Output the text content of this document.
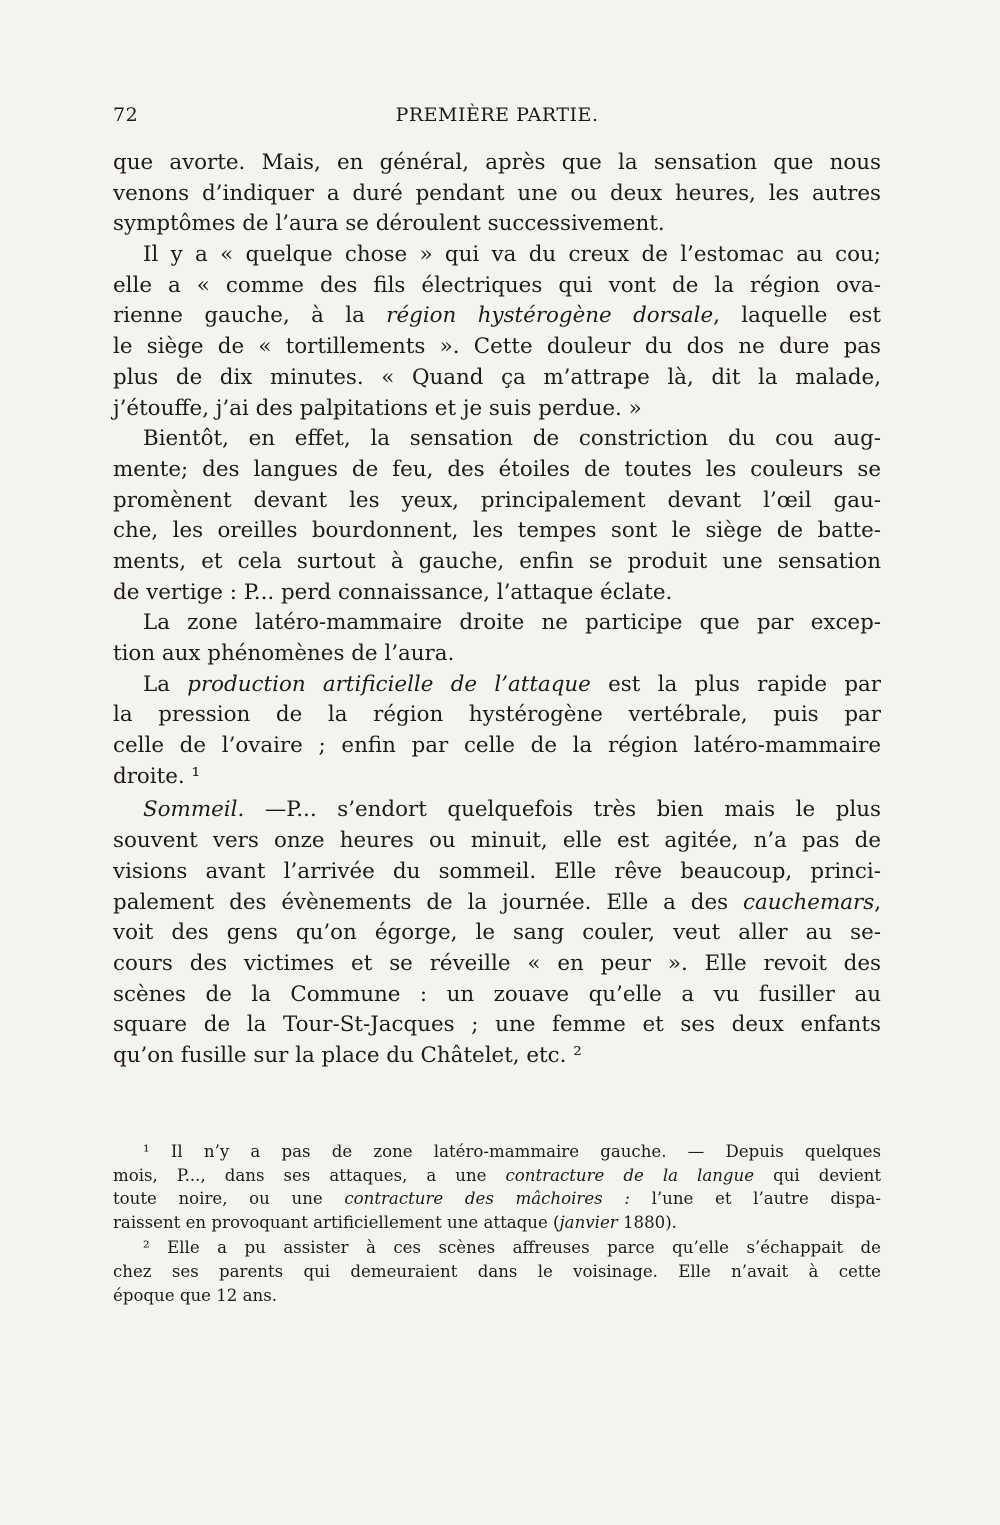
72	PREMIÈRE PARTIE.
que avorte. Mais, en général, après que la sensation que nous
venons d’indiquer a duré pendant une ou deux heures, les autres
symptômes de l’aura se déroulent successivement.
Il y a « quelque chose » qui va du creux de l’estomac au cou;
elle a « comme des fils électriques qui vont de la région ova-
rienne gauche, à la région hystérogène dorsale, laquelle est
le siège de « tortillements ». Cette douleur du dos ne dure pas
plus de dix minutes. « Quand ça m’attrape là, dit la malade,
j’étouffe, j’ai des palpitations et je suis perdue. »
Bientôt, en effet, la sensation de constriction du cou aug-
mente; des langues de feu, des étoiles de toutes les couleurs se
promènent devant les yeux, principalement devant l’œil gau-
che, les oreilles bourdonnent, les tempes sont le siège de batte-
ments, et cela surtout à gauche, enfin se produit une sensation
de vertige : P... perd connaissance, l’attaque éclate.
La zone latéro-mammaire droite ne participe que par excep-
tion aux phénomènes de l’aura.
La production artificielle de l’attaque est la plus rapide par
la pression de la région hystérogène vertébrale, puis par
celle de l’ovaire ; enfin par celle de la région latéro-mammaire
droite. ¹
Sommeil. —P... s’endort quelquefois très bien mais le plus
souvent vers onze heures ou minuit, elle est agitée, n’a pas de
visions avant l’arrivée du sommeil. Elle rêve beaucoup, princi-
palement des évènements de la journée. Elle a des cauchemars,
voit des gens qu’on égorge, le sang couler, veut aller au se-
cours des victimes et se réveille « en peur ». Elle revoit des
scènes de la Commune : un zouave qu’elle a vu fusiller au
square de la Tour-St-Jacques ; une femme et ses deux enfants
qu’on fusille sur la place du Châtelet, etc. ²
¹ Il n’y a pas de zone latéro-mammaire gauche. — Depuis quelques
mois, P..., dans ses attaques, a une contracture de la langue qui devient
toute noire, ou une contracture des mâchoires : l’une et l’autre dispa-
raissent en provoquant artificiellement une attaque (janvier 1880).
² Elle a pu assister à ces scènes affreuses parce qu’elle s’échappait de
chez ses parents qui demeuraient dans le voisinage. Elle n’avait à cette
époque que 12 ans.
